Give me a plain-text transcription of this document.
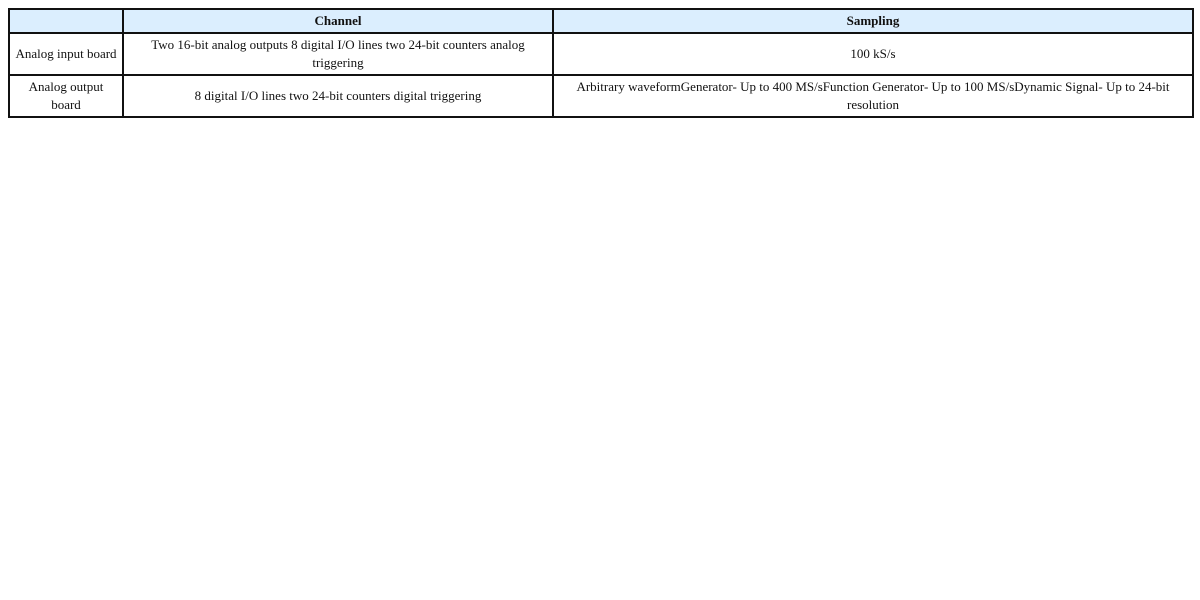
	Channel	Sampling
Analog input board	Two 16-bit analog outputs 8 digital I/O lines two 24-bit counters analog triggering	100 kS/s
Analog output board	8 digital I/O lines two 24-bit counters digital triggering	Arbitrary waveformGenerator- Up to 400 MS/sFunction Generator- Up to 100 MS/sDynamic Signal- Up to 24-bit resolution
